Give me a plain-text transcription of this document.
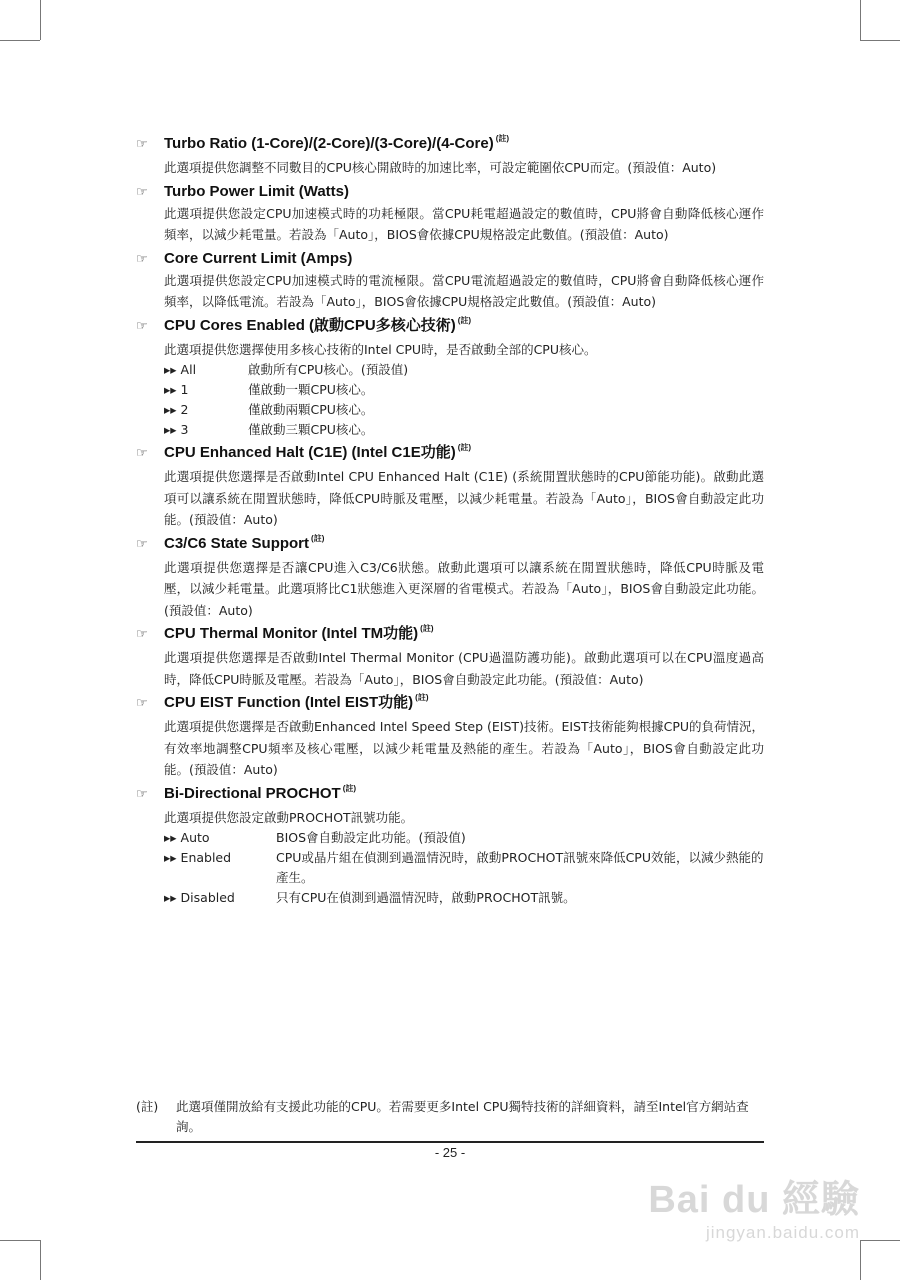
☞	Turbo Ratio (1-Core)/(2-Core)/(3-Core)/(4-Core) (註)
此選項提供您調整不同數目的CPU核心開啟時的加速比率，可設定範圍依CPU而定。(預設值：Auto)
☞	Turbo Power Limit (Watts)
此選項提供您設定CPU加速模式時的功耗極限。當CPU耗電超過設定的數值時，CPU將會自動降低核心運作頻率，以減少耗電量。若設為「Auto」，BIOS會依據CPU規格設定此數值。(預設值：Auto)
☞	Core Current Limit (Amps)
此選項提供您設定CPU加速模式時的電流極限。當CPU電流超過設定的數值時，CPU將會自動降低核心運作頻率，以降低電流。若設為「Auto」，BIOS會依據CPU規格設定此數值。(預設值：Auto)
☞	CPU Cores Enabled (啟動CPU多核心技術) (註)
此選項提供您選擇使用多核心技術的Intel CPU時，是否啟動全部的CPU核心。
▸▸ All	啟動所有CPU核心。(預設值)
▸▸ 1	僅啟動一顆CPU核心。
▸▸ 2	僅啟動兩顆CPU核心。
▸▸ 3	僅啟動三顆CPU核心。
☞	CPU Enhanced Halt (C1E) (Intel C1E功能) (註)
此選項提供您選擇是否啟動Intel CPU Enhanced Halt (C1E) (系統閒置狀態時的CPU節能功能)。啟動此選項可以讓系統在閒置狀態時，降低CPU時脈及電壓，以減少耗電量。若設為「Auto」，BIOS會自動設定此功能。(預設值：Auto)
☞	C3/C6 State Support (註)
此選項提供您選擇是否讓CPU進入C3/C6狀態。啟動此選項可以讓系統在閒置狀態時，降低CPU時脈及電壓，以減少耗電量。此選項將比C1狀態進入更深層的省電模式。若設為「Auto」，BIOS會自動設定此功能。(預設值：Auto)
☞	CPU Thermal Monitor (Intel TM功能) (註)
此選項提供您選擇是否啟動Intel Thermal Monitor (CPU過溫防護功能)。啟動此選項可以在CPU溫度過高時，降低CPU時脈及電壓。若設為「Auto」，BIOS會自動設定此功能。(預設值：Auto)
☞	CPU EIST Function (Intel EIST功能) (註)
此選項提供您選擇是否啟動Enhanced Intel Speed Step (EIST)技術。EIST技術能夠根據CPU的負荷情況，有效率地調整CPU頻率及核心電壓，以減少耗電量及熱能的產生。若設為「Auto」，BIOS會自動設定此功能。(預設值：Auto)
☞	Bi-Directional PROCHOT (註)
此選項提供您設定啟動PROCHOT訊號功能。
▸▸ Auto	BIOS會自動設定此功能。(預設值)
▸▸ Enabled	CPU或晶片組在偵測到過溫情況時，啟動PROCHOT訊號來降低CPU效能，以減少熱能的產生。
▸▸ Disabled	只有CPU在偵測到過溫情況時，啟動PROCHOT訊號。
(註)	此選項僅開放給有支援此功能的CPU。若需要更多Intel CPU獨特技術的詳細資料，請至Intel官方網站查詢。
- 25 -
Bai du 經驗
jingyan.baidu.com
